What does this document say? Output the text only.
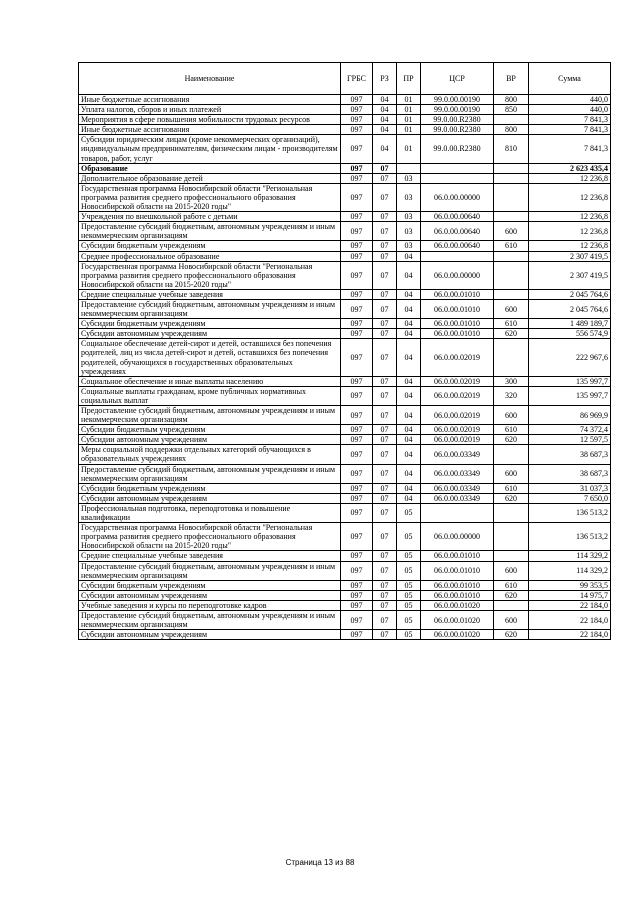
Наименование	ГРБС	РЗ	ПР	ЦСР	ВР	Сумма
Иные бюджетные ассигнования	097	04	01	99.0.00.00190	800	440,0
Уплата налогов, сборов и иных платежей	097	04	01	99.0.00.00190	850	440,0
Мероприятия в сфере повышения мобильности трудовых ресурсов	097	04	01	99.0.00.R2380		7 841,3
Иные бюджетные ассигнования	097	04	01	99.0.00.R2380	800	7 841,3
Субсидии юридическим лицам (кроме некоммерческих организаций), индивидуальным предпринимателям, физическим лицам - производителям товаров, работ, услуг	097	04	01	99.0.00.R2380	810	7 841,3
Образование	097	07				2 623 435,4
Дополнительное образование детей	097	07	03			12 236,8
Государственная программа Новосибирской области "Региональная программа развития среднего профессионального образования Новосибирской области на 2015-2020 годы"	097	07	03	06.0.00.00000		12 236,8
Учреждения по внешкольной работе с детьми	097	07	03	06.0.00.00640		12 236,8
Предоставление субсидий бюджетным, автономным учреждениям и иным некоммерческим организациям	097	07	03	06.0.00.00640	600	12 236,8
Субсидии бюджетным учреждениям	097	07	03	06.0.00.00640	610	12 236,8
Среднее профессиональное образование	097	07	04			2 307 419,5
Государственная программа Новосибирской области "Региональная программа развития среднего профессионального образования Новосибирской области на 2015-2020 годы"	097	07	04	06.0.00.00000		2 307 419,5
Средние специальные учебные заведения	097	07	04	06.0.00.01010		2 045 764,6
Предоставление субсидий бюджетным, автономным учреждениям и иным некоммерческим организациям	097	07	04	06.0.00.01010	600	2 045 764,6
Субсидии бюджетным учреждениям	097	07	04	06.0.00.01010	610	1 489 189,7
Субсидии автономным учреждениям	097	07	04	06.0.00.01010	620	556 574,9
Социальное обеспечение детей-сирот и детей, оставшихся без попечения родителей, лиц из числа детей-сирот и детей, оставшихся без попечения родителей, обучающихся в государственных образовательных учреждениях	097	07	04	06.0.00.02019		222 967,6
Социальное обеспечение и иные выплаты населению	097	07	04	06.0.00.02019	300	135 997,7
Социальные выплаты гражданам, кроме публичных нормативных социальных выплат	097	07	04	06.0.00.02019	320	135 997,7
Предоставление субсидий бюджетным, автономным учреждениям и иным некоммерческим организациям	097	07	04	06.0.00.02019	600	86 969,9
Субсидии бюджетным учреждениям	097	07	04	06.0.00.02019	610	74 372,4
Субсидии автономным учреждениям	097	07	04	06.0.00.02019	620	12 597,5
Меры социальной поддержки отдельных категорий обучающихся в образовательных учреждениях	097	07	04	06.0.00.03349		38 687,3
Предоставление субсидий бюджетным, автономным учреждениям и иным некоммерческим организациям	097	07	04	06.0.00.03349	600	38 687,3
Субсидии бюджетным учреждениям	097	07	04	06.0.00.03349	610	31 037,3
Субсидии автономным учреждениям	097	07	04	06.0.00.03349	620	7 650,0
Профессиональная подготовка, переподготовка и повышение квалификации	097	07	05			136 513,2
Государственная программа Новосибирской области "Региональная программа развития среднего профессионального образования Новосибирской области на 2015-2020 годы"	097	07	05	06.0.00.00000		136 513,2
Средние специальные учебные заведения	097	07	05	06.0.00.01010		114 329,2
Предоставление субсидий бюджетным, автономным учреждениям и иным некоммерческим организациям	097	07	05	06.0.00.01010	600	114 329,2
Субсидии бюджетным учреждениям	097	07	05	06.0.00.01010	610	99 353,5
Субсидии автономным учреждениям	097	07	05	06.0.00.01010	620	14 975,7
Учебные заведения и курсы по переподготовке кадров	097	07	05	06.0.00.01020		22 184,0
Предоставление субсидий бюджетным, автономным учреждениям и иным некоммерческим организациям	097	07	05	06.0.00.01020	600	22 184,0
Субсидии автономным учреждениям	097	07	05	06.0.00.01020	620	22 184,0
Страница 13 из 88
